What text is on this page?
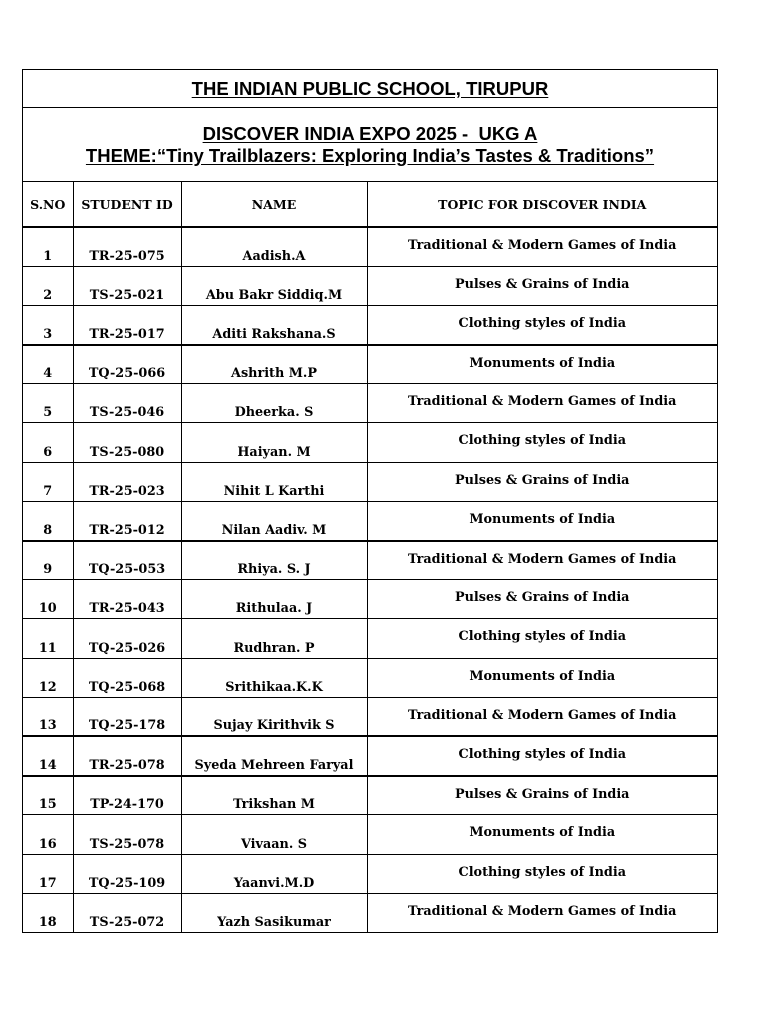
THE INDIAN PUBLIC SCHOOL, TIRUPUR
DISCOVER INDIA EXPO 2025 -  UKG A
THEME:“Tiny Trailblazers: Exploring India’s Tastes & Traditions”
S.NO	STUDENT ID	NAME	TOPIC FOR DISCOVER INDIA
1	TR-25-075	Aadish.A	Traditional & Modern Games of India
2	TS-25-021	Abu Bakr Siddiq.M	Pulses & Grains of India
3	TR-25-017	Aditi Rakshana.S	Clothing styles of India
4	TQ-25-066	Ashrith M.P	Monuments of India
5	TS-25-046	Dheerka. S	Traditional & Modern Games of India
6	TS-25-080	Haiyan. M	Clothing styles of India
7	TR-25-023	Nihit L Karthi	Pulses & Grains of India
8	TR-25-012	Nilan Aadiv. M	Monuments of India
9	TQ-25-053	Rhiya. S. J	Traditional & Modern Games of India
10	TR-25-043	Rithulaa. J	Pulses & Grains of India
11	TQ-25-026	Rudhran. P	Clothing styles of India
12	TQ-25-068	Srithikaa.K.K	Monuments of India
13	TQ-25-178	Sujay Kirithvik S	Traditional & Modern Games of India
14	TR-25-078	Syeda Mehreen Faryal	Clothing styles of India
15	TP-24-170	Trikshan M	Pulses & Grains of India
16	TS-25-078	Vivaan. S	Monuments of India
17	TQ-25-109	Yaanvi.M.D	Clothing styles of India
18	TS-25-072	Yazh Sasikumar	Traditional & Modern Games of India
